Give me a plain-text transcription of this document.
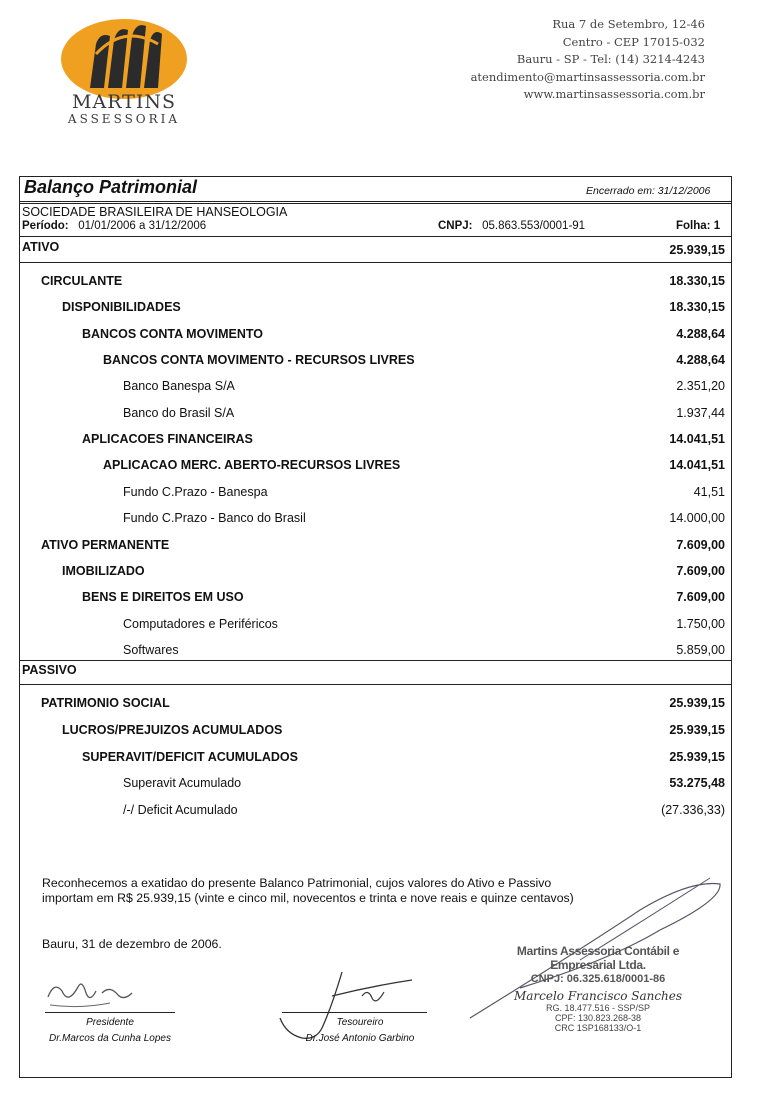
MARTINS
ASSESSORIA
Rua 7 de Setembro, 12-46
Centro - CEP 17015-032
Bauru - SP - Tel: (14) 3214-4243
atendimento@martinsassessoria.com.br
www.martinsassessoria.com.br
Balanço Patrimonial	Encerrado em: 31/12/2006
SOCIEDADE BRASILEIRA DE HANSEOLOGIA
Período: 01/01/2006 a 31/12/2006	CNPJ: 05.863.553/0001-91	Folha: 1
ATIVO	25.939,15
CIRCULANTE	18.330,15
DISPONIBILIDADES	18.330,15
BANCOS CONTA MOVIMENTO	4.288,64
BANCOS CONTA MOVIMENTO - RECURSOS LIVRES	4.288,64
Banco Banespa S/A	2.351,20
Banco do Brasil S/A	1.937,44
APLICACOES FINANCEIRAS	14.041,51
APLICACAO MERC. ABERTO-RECURSOS LIVRES	14.041,51
Fundo C.Prazo - Banespa	41,51
Fundo C.Prazo - Banco do Brasil	14.000,00
ATIVO PERMANENTE	7.609,00
IMOBILIZADO	7.609,00
BENS E DIREITOS EM USO	7.609,00
Computadores e Periféricos	1.750,00
Softwares	5.859,00
PASSIVO
PATRIMONIO SOCIAL	25.939,15
LUCROS/PREJUIZOS ACUMULADOS	25.939,15
SUPERAVIT/DEFICIT ACUMULADOS	25.939,15
Superavit Acumulado	53.275,48
/-/ Deficit Acumulado	(27.336,33)
Reconhecemos a exatidao do presente Balanco Patrimonial, cujos valores do Ativo e Passivo
importam em R$ 25.939,15 (vinte e cinco mil, novecentos e trinta e nove reais e quinze centavos)
Bauru, 31 de dezembro de 2006.
Presidente
Dr.Marcos da Cunha Lopes
Tesoureiro
Dr.José Antonio Garbino
Martins Assessoria Contábil e Empresarial Ltda.
CNPJ: 06.325.618/0001-86
Marcelo Francisco Sanches
RG. 18.477.516 - SSP/SP
CPF: 130.823.268-38
CRC 1SP168133/O-1
